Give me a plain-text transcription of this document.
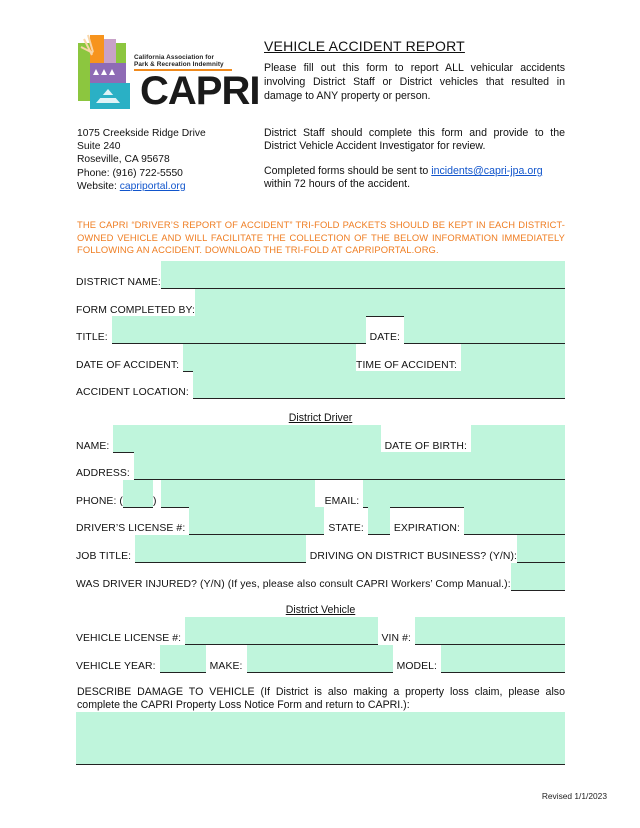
California Association for
Park & Recreation Indemnity
CAPRI
VEHICLE ACCIDENT REPORT
Please fill out this form to report ALL vehicular accidents involving District Staff or District vehicles that resulted in damage to ANY property or person.
1075 Creekside Ridge Drive
Suite 240
Roseville, CA 95678
Phone: (916) 722-5550
Website: capriportal.org
District Staff should complete this form and provide to the District Vehicle Accident Investigator for review.
Completed forms should be sent to incidents@capri-jpa.org
within 72 hours of the accident.
THE CAPRI “DRIVER’S REPORT OF ACCIDENT” TRI-FOLD PACKETS SHOULD BE KEPT IN EACH DISTRICT-OWNED VEHICLE AND WILL FACILITATE THE COLLECTION OF THE BELOW INFORMATION IMMEDIATELY FOLLOWING AN ACCIDENT. DOWNLOAD THE TRI-FOLD AT CAPRIPORTAL.ORG.
DISTRICT NAME:
FORM COMPLETED BY:
TITLE:	DATE:
DATE OF ACCIDENT:	TIME OF ACCIDENT:
ACCIDENT LOCATION:
District Driver
NAME:	DATE OF BIRTH:
ADDRESS:
PHONE: (	)	EMAIL:
DRIVER’S LICENSE #:	STATE:	EXPIRATION:
JOB TITLE:	DRIVING ON DISTRICT BUSINESS? (Y/N):
WAS DRIVER INJURED? (Y/N) (If yes, please also consult CAPRI Workers’ Comp Manual.):
District Vehicle
VEHICLE LICENSE #:	VIN #:
VEHICLE YEAR:	MAKE:	MODEL:
DESCRIBE DAMAGE TO VEHICLE (If District is also making a property loss claim, please also complete the CAPRI Property Loss Notice Form and return to CAPRI.):
Revised 1/1/2023
